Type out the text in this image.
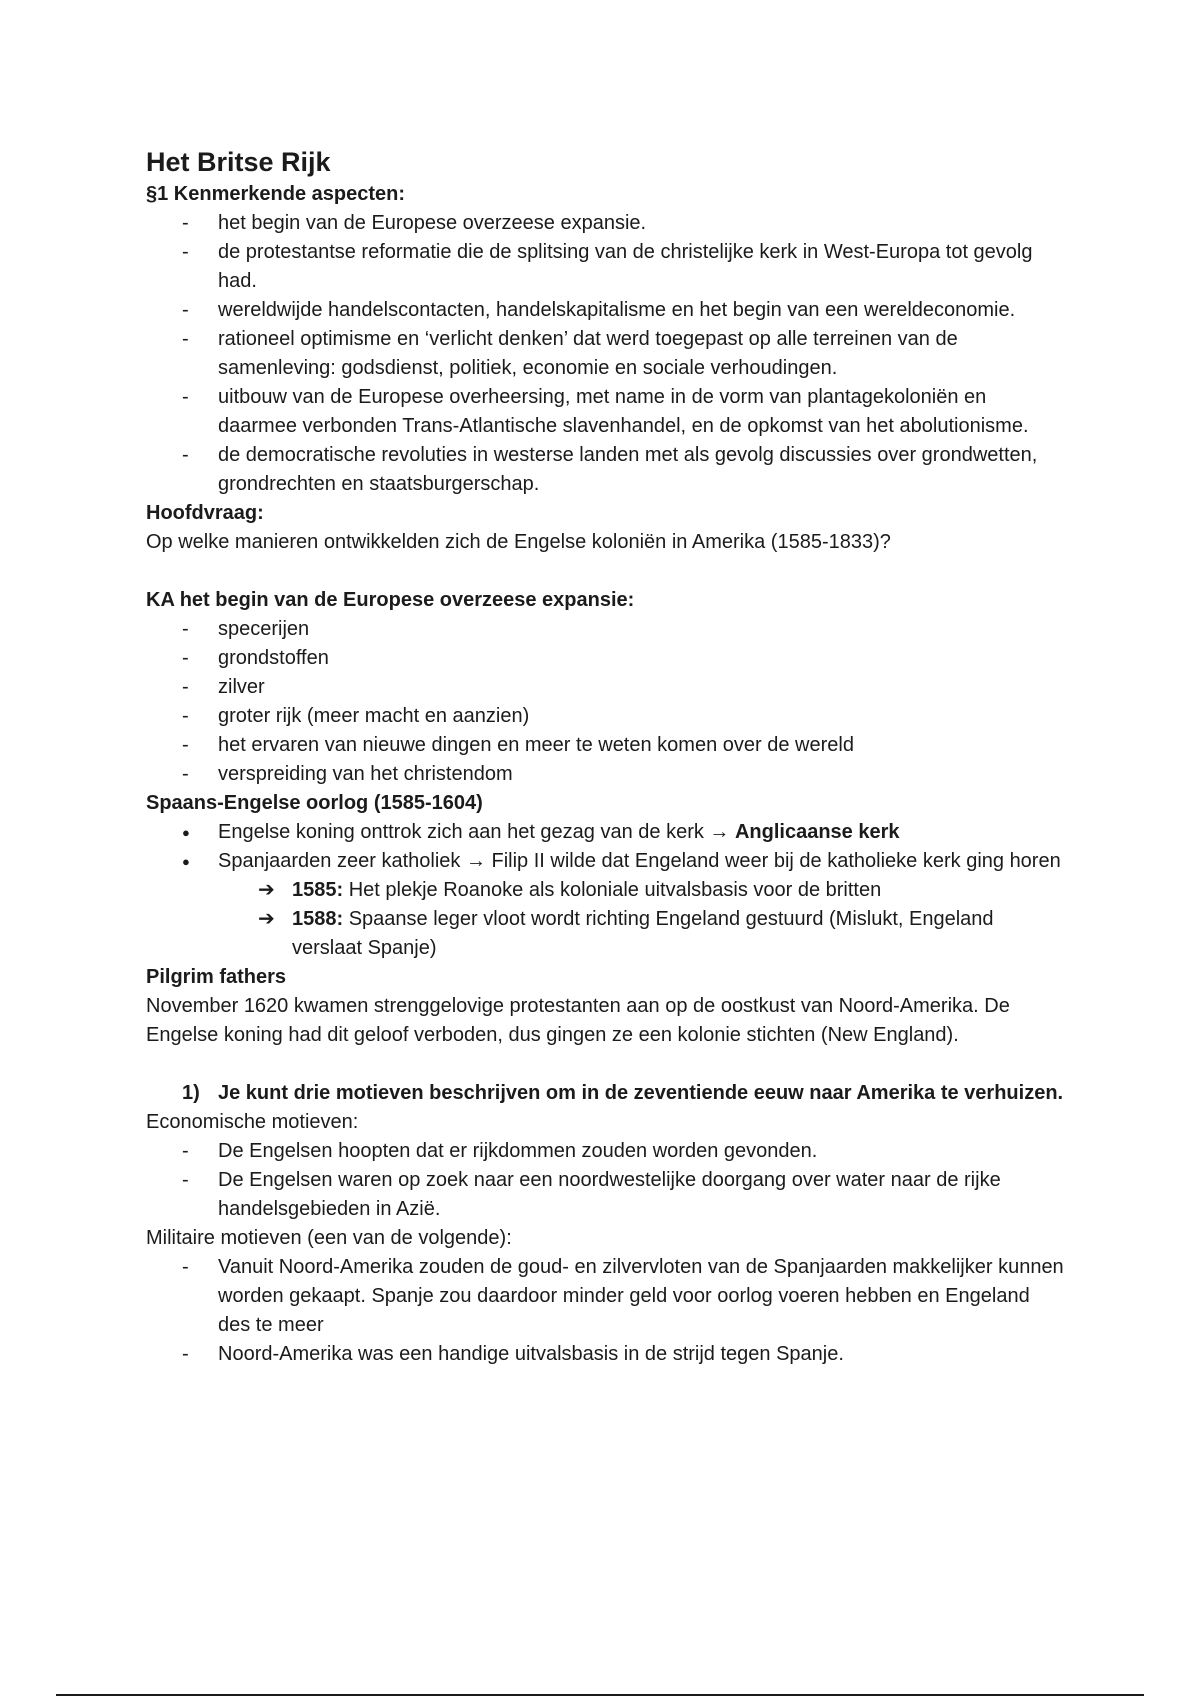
Het Britse Rijk
§1 Kenmerkende aspecten:
- het begin van de Europese overzeese expansie.
- de protestantse reformatie die de splitsing van de christelijke kerk in West-Europa tot gevolg had.
- wereldwijde handelscontacten, handelskapitalisme en het begin van een wereldeconomie.
- rationeel optimisme en ‘verlicht denken’ dat werd toegepast op alle terreinen van de samenleving: godsdienst, politiek, economie en sociale verhoudingen.
- uitbouw van de Europese overheersing, met name in de vorm van plantagekoloniën en daarmee verbonden Trans-Atlantische slavenhandel, en de opkomst van het abolutionisme.
- de democratische revoluties in westerse landen met als gevolg discussies over grondwetten, grondrechten en staatsburgerschap.
Hoofdvraag:
Op welke manieren ontwikkelden zich de Engelse koloniën in Amerika (1585-1833)?
KA het begin van de Europese overzeese expansie:
- specerijen
- grondstoffen
- zilver
- groter rijk (meer macht en aanzien)
- het ervaren van nieuwe dingen en meer te weten komen over de wereld
- verspreiding van het christendom
Spaans-Engelse oorlog (1585-1604)
● Engelse koning onttrok zich aan het gezag van de kerk → Anglicaanse kerk
● Spanjaarden zeer katholiek → Filip II wilde dat Engeland weer bij de katholieke kerk ging horen
➔ 1585: Het plekje Roanoke als koloniale uitvalsbasis voor de britten
➔ 1588: Spaanse leger vloot wordt richting Engeland gestuurd (Mislukt, Engeland verslaat Spanje)
Pilgrim fathers
November 1620 kwamen strenggelovige protestanten aan op de oostkust van Noord-Amerika. De Engelse koning had dit geloof verboden, dus gingen ze een kolonie stichten (New England).
1) Je kunt drie motieven beschrijven om in de zeventiende eeuw naar Amerika te verhuizen.
Economische motieven:
- De Engelsen hoopten dat er rijkdommen zouden worden gevonden.
- De Engelsen waren op zoek naar een noordwestelijke doorgang over water naar de rijke handelsgebieden in Azië.
Militaire motieven (een van de volgende):
- Vanuit Noord-Amerika zouden de goud- en zilvervloten van de Spanjaarden makkelijker kunnen worden gekaapt. Spanje zou daardoor minder geld voor oorlog voeren hebben en Engeland des te meer
- Noord-Amerika was een handige uitvalsbasis in de strijd tegen Spanje.
